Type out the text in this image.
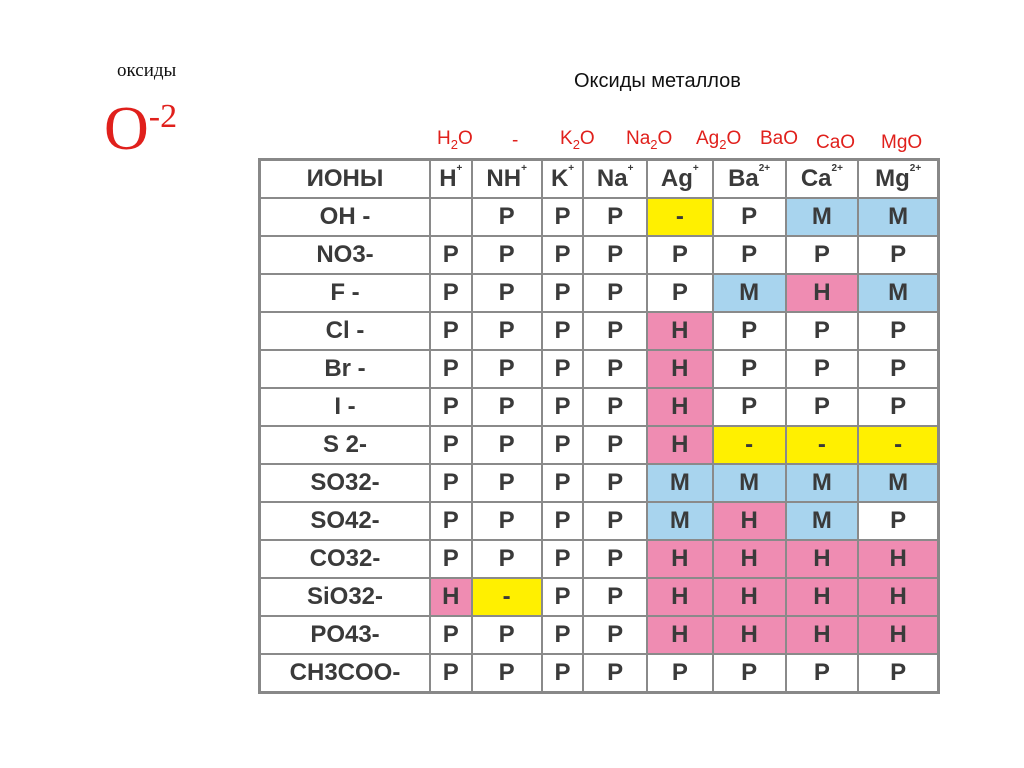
оксиды
$O^{-2}$
Оксиды металлов
$H_2O - K_2O$ $Na_2O$ $Ag_2O$ BaO CaO MgO
ИОНЫ	H+	NH+	K+	Na+	Ag+	$Ba^{2+}$	$Ca^{2+}$	$Mg^{2+}$
OH -		P	P	P	-	P	M	M
NO3-	P	P	P	P	P	P	P	P
F -	P	P	P	P	P	M	H	M
Cl -	P	P	P	P	H	P	P	P
Br -	P	P	P	P	H	P	P	P
I -	P	P	P	P	H	P	P	P
S 2-	P	P	P	P	H	-	-	-
SO32-	P	P	P	P	M	M	M	M
SO42-	P	P	P	P	M	H	M	P
CO32-	P	P	P	P	H	H	H	H
SiO32-	H	-	P	P	H	H	H	H
PO43-	P	P	P	P	H	H	H	H
CH3COO-	P	P	P	P	P	P	P	P
